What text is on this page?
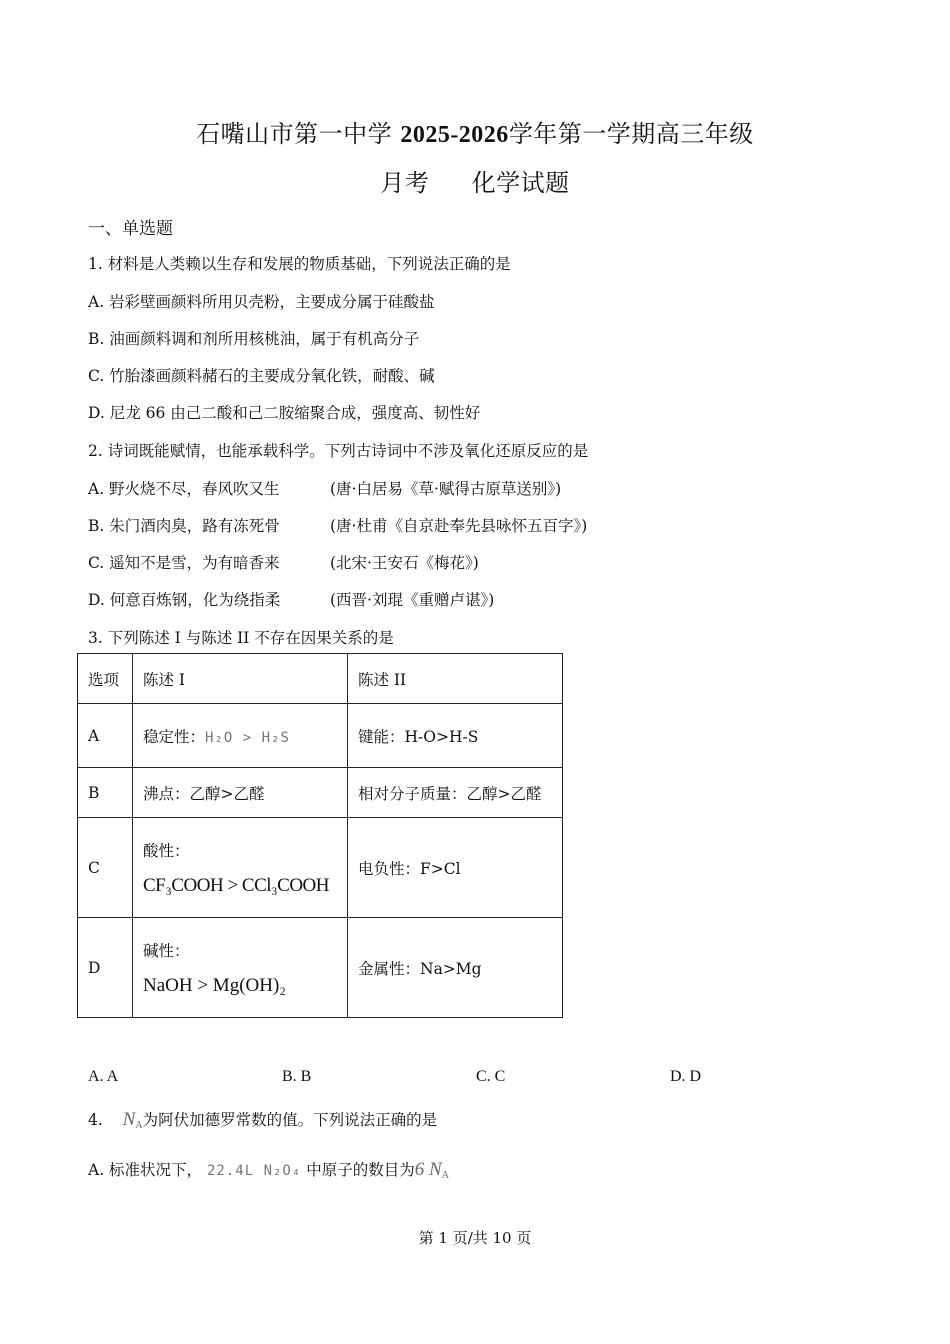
石嘴山市第一中学 2025-2026学年第一学期高三年级
月考 化学试题
一、单选题
1. 材料是人类赖以生存和发展的物质基础，下列说法正确的是
A. 岩彩壁画颜料所用贝壳粉，主要成分属于硅酸盐
B. 油画颜料调和剂所用核桃油，属于有机高分子
C. 竹胎漆画颜料赭石的主要成分氧化铁，耐酸、碱
D. 尼龙 66 由己二酸和己二胺缩聚合成，强度高、韧性好
2. 诗词既能赋情，也能承载科学。下列古诗词中不涉及氧化还原反应的是
A. 野火烧不尽，春风吹又生	(唐·白居易《草·赋得古原草送别》)
B. 朱门酒肉臭，路有冻死骨	(唐·杜甫《自京赴奉先县咏怀五百字》)
C. 遥知不是雪，为有暗香来	(北宋·王安石《梅花》)
D. 何意百炼钢，化为绕指柔	(西晋·刘琨《重赠卢谌》)
3. 下列陈述 I 与陈述 II 不存在因果关系的是
选项	陈述 I	陈述 II
A	稳定性：H₂O > H₂S	键能：H-O>H-S
B	沸点：乙醇>乙醛	相对分子质量：乙醇>乙醛
C	酸性：
CF₃COOH > CCl₃COOH	电负性：F>Cl
D	碱性：
NaOH > Mg(OH)₂	金属性：Na>Mg
A. A	B. B	C. C	D. D
4. NA为阿伏加德罗常数的值。下列说法正确的是
A. 标准状况下， 22.4L N₂O₄ 中原子的数目为6 NA
第 1 页/共 10 页
